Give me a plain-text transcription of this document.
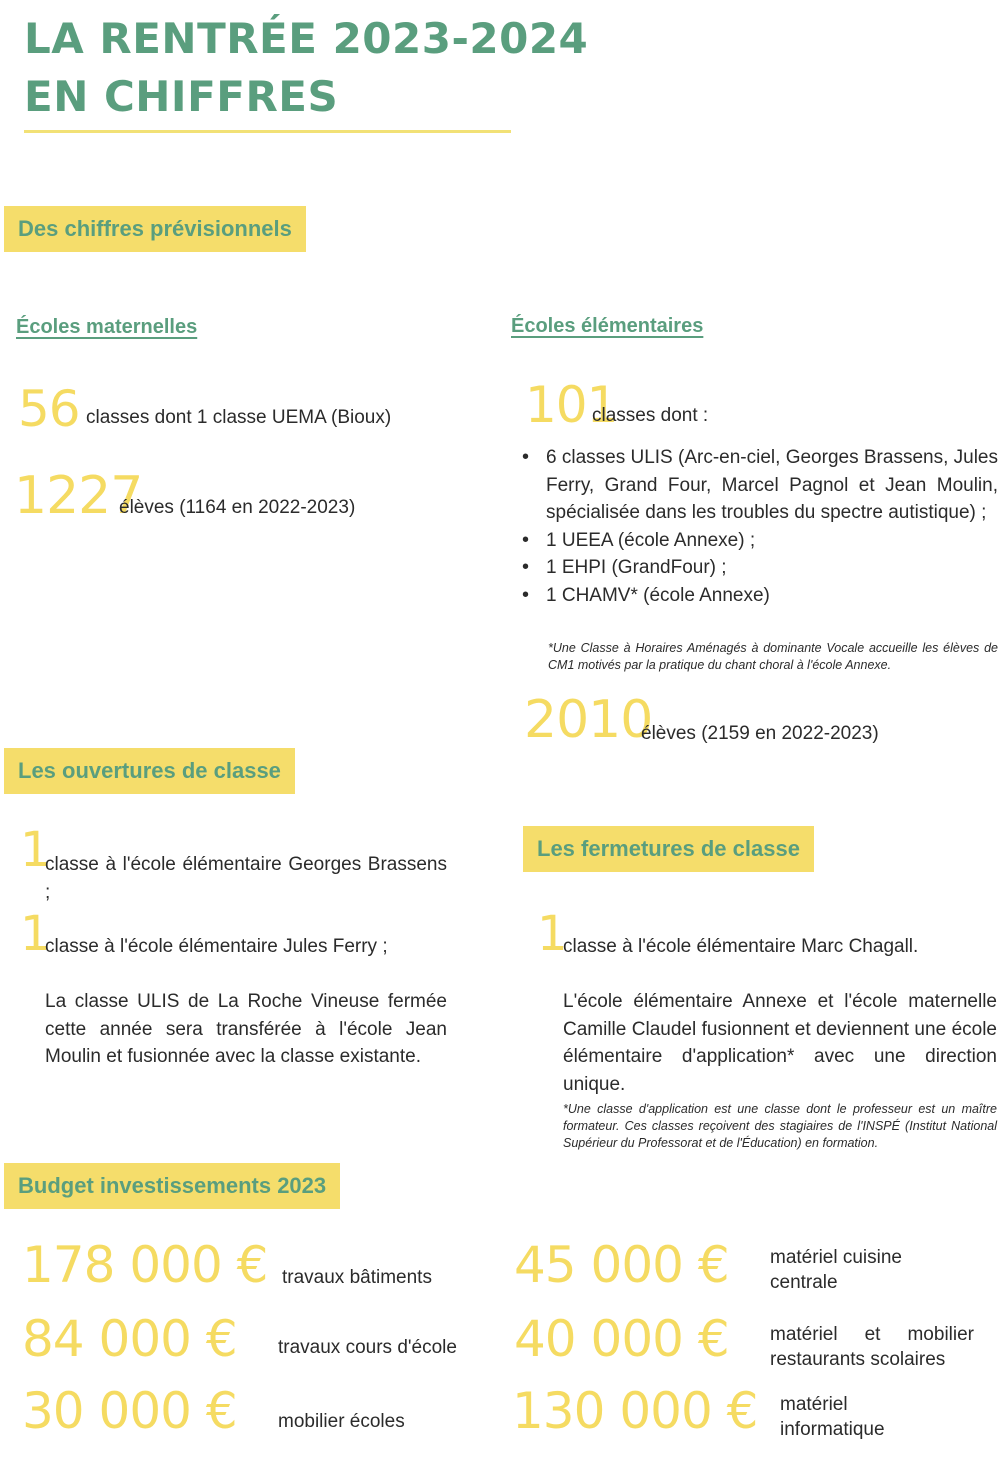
LA RENTRÉE 2023-2024
EN CHIFFRES
Des chiffres prévisionnels
Écoles maternelles
56 classes dont 1 classe UEMA (Bioux)
1227
élèves (1164 en 2022-2023)
Écoles élémentaires
101
classes dont :
• 6 classes ULIS (Arc-en-ciel, Georges Brassens, Jules Ferry, Grand Four, Marcel Pagnol et Jean Moulin, spécialisée dans les troubles du spectre autistique) ;
• 1 UEEA (école Annexe) ;
• 1 EHPI (GrandFour) ;
• 1 CHAMV* (école Annexe)
*Une Classe à Horaires Aménagés à dominante Vocale accueille les élèves de CM1 motivés par la pratique du chant choral à l'école Annexe.
2010
élèves (2159 en 2022-2023)
Les ouvertures de classe
1
classe à l'école élémentaire Georges Brassens ;
1
classe à l'école élémentaire Jules Ferry ;
La classe ULIS de La Roche Vineuse fermée cette année sera transférée à l'école Jean Moulin et fusionnée avec la classe existante.
Les fermetures de classe
1
classe à l'école élémentaire Marc Chagall.
L'école élémentaire Annexe et l'école maternelle Camille Claudel fusionnent et deviennent une école élémentaire d'application* avec une direction unique.
*Une classe d'application est une classe dont le professeur est un maître formateur. Ces classes reçoivent des stagiaires de l'INSPÉ (Institut National Supérieur du Professorat et de l'Éducation) en formation.
Budget investissements 2023
178 000 € travaux bâtiments
84 000 € travaux cours d'école
30 000 € mobilier écoles
45 000 € matériel cuisine centrale
40 000 € matériel et mobilier restaurants scolaires
130 000 € matériel informatique
